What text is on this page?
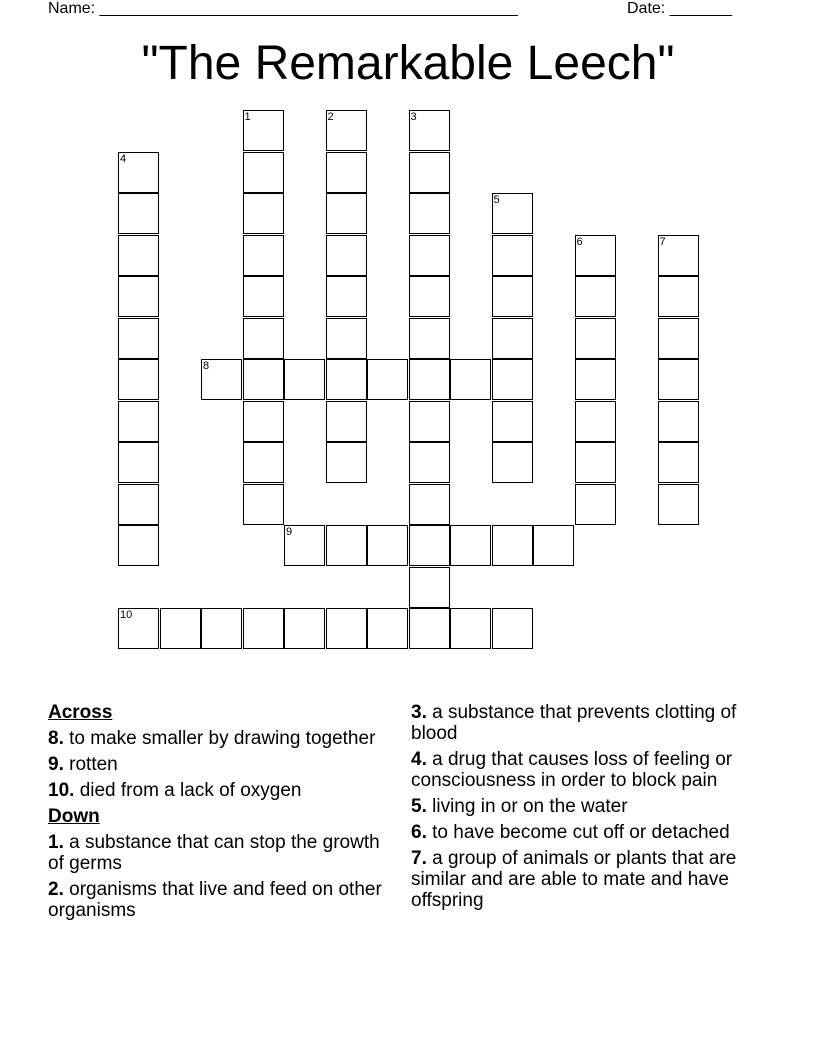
Name: _______________________________________________	Date: _______
"The Remarkable Leech"
1	2	3
4
5
6	7
8
9
10
Across
8. to make smaller by drawing together
9. rotten
10. died from a lack of oxygen
Down
1. a substance that can stop the growth of germs
2. organisms that live and feed on other organisms
3. a substance that prevents clotting of blood
4. a drug that causes loss of feeling or consciousness in order to block pain
5. living in or on the water
6. to have become cut off or detached
7. a group of animals or plants that are similar and are able to mate and have offspring
